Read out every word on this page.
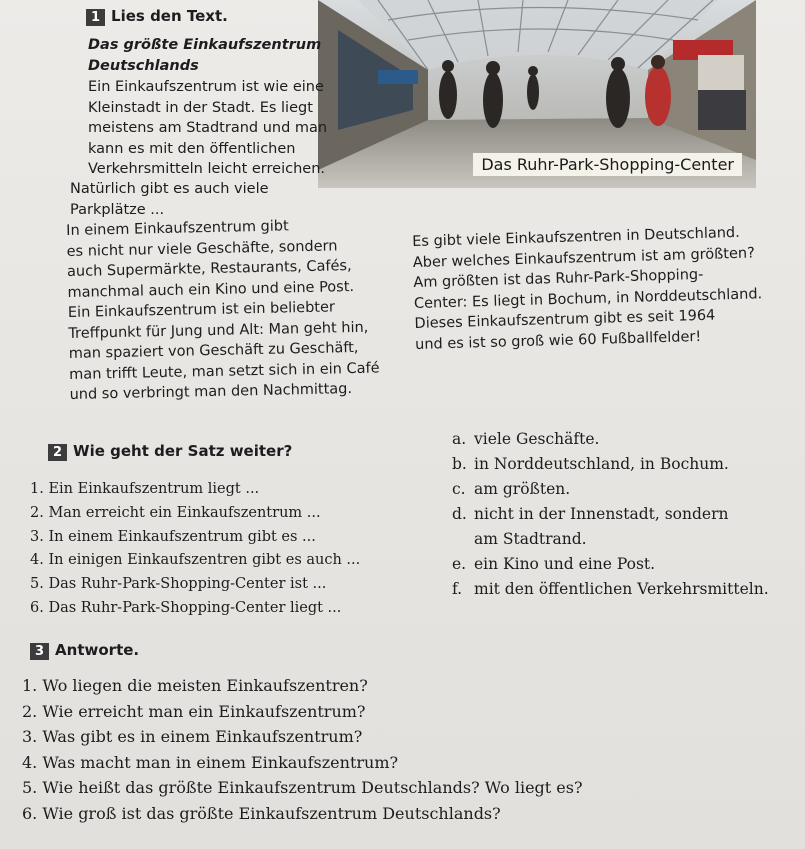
1 Lies den Text.
Das Ruhr-Park-Shopping-Center
Das größte Einkaufszentrum
Deutschlands
Ein Einkaufszentrum ist wie eine
Kleinstadt in der Stadt. Es liegt
meistens am Stadtrand und man
kann es mit den öffentlichen
Verkehrsmitteln leicht erreichen.
Natürlich gibt es auch viele
Parkplätze ...
In einem Einkaufszentrum gibt
es nicht nur viele Geschäfte, sondern
auch Supermärkte, Restaurants, Cafés,
manchmal auch ein Kino und eine Post.
Ein Einkaufszentrum ist ein beliebter
Treffpunkt für Jung und Alt: Man geht hin,
man spaziert von Geschäft zu Geschäft,
man trifft Leute, man setzt sich in ein Café
und so verbringt man den Nachmittag.
Es gibt viele Einkaufszentren in Deutschland.
Aber welches Einkaufszentrum ist am größten?
Am größten ist das Ruhr-Park-Shopping-
Center: Es liegt in Bochum, in Norddeutschland.
Dieses Einkaufszentrum gibt es seit 1964
und es ist so groß wie 60 Fußballfelder!
2 Wie geht der Satz weiter?
1. Ein Einkaufszentrum liegt ...
2. Man erreicht ein Einkaufszentrum ...
3. In einem Einkaufszentrum gibt es ...
4. In einigen Einkaufszentren gibt es auch ...
5. Das Ruhr-Park-Shopping-Center ist ...
6. Das Ruhr-Park-Shopping-Center liegt ...
a. viele Geschäfte.
b. in Norddeutschland, in Bochum.
c. am größten.
d. nicht in der Innenstadt, sondern
am Stadtrand.
e. ein Kino und eine Post.
f. mit den öffentlichen Verkehrsmitteln.
3 Antworte.
1. Wo liegen die meisten Einkaufszentren?
2. Wie erreicht man ein Einkaufszentrum?
3. Was gibt es in einem Einkaufszentrum?
4. Was macht man in einem Einkaufszentrum?
5. Wie heißt das größte Einkaufszentrum Deutschlands? Wo liegt es?
6. Wie groß ist das größte Einkaufszentrum Deutschlands?
